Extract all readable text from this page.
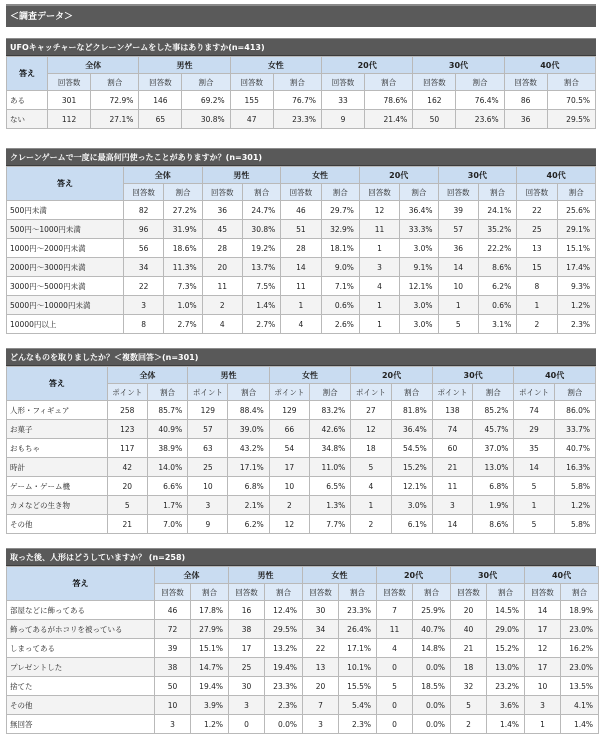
＜調査データ＞
UFOキャッチャーなどクレーンゲームをした事はありますか(n=413)
答え	全体		男性		女性		20代		30代		40代	
	回答数	割合	回答数	割合	回答数	割合	回答数	割合	回答数	割合	回答数	割合
ある	301	72.9%	146	69.2%	155	76.7%	33	78.6%	162	76.4%	86	70.5%
ない	112	27.1%	65	30.8%	47	23.3%	9	21.4%	50	23.6%	36	29.5%
クレーンゲームで一度に最高何円使ったことがありますか？(n=301)
答え	全体		男性		女性		20代		30代		40代	
	回答数	割合	回答数	割合	回答数	割合	回答数	割合	回答数	割合	回答数	割合
500円未満	82	27.2%	36	24.7%	46	29.7%	12	36.4%	39	24.1%	22	25.6%
500円～1000円未満	96	31.9%	45	30.8%	51	32.9%	11	33.3%	57	35.2%	25	29.1%
1000円～2000円未満	56	18.6%	28	19.2%	28	18.1%	1	3.0%	36	22.2%	13	15.1%
2000円～3000円未満	34	11.3%	20	13.7%	14	9.0%	3	9.1%	14	8.6%	15	17.4%
3000円～5000円未満	22	7.3%	11	7.5%	11	7.1%	4	12.1%	10	6.2%	8	9.3%
5000円～10000円未満	3	1.0%	2	1.4%	1	0.6%	1	3.0%	1	0.6%	1	1.2%
10000円以上	8	2.7%	4	2.7%	4	2.6%	1	3.0%	5	3.1%	2	2.3%
どんなものを取りましたか？＜複数回答＞(n=301)
答え	全体		男性		女性		20代		30代		40代	
	ポイント	割合	ポイント	割合	ポイント	割合	ポイント	割合	ポイント	割合	ポイント	割合
人形・フィギュア	258	85.7%	129	88.4%	129	83.2%	27	81.8%	138	85.2%	74	86.0%
お菓子	123	40.9%	57	39.0%	66	42.6%	12	36.4%	74	45.7%	29	33.7%
おもちゃ	117	38.9%	63	43.2%	54	34.8%	18	54.5%	60	37.0%	35	40.7%
時計	42	14.0%	25	17.1%	17	11.0%	5	15.2%	21	13.0%	14	16.3%
ゲーム・ゲーム機	20	6.6%	10	6.8%	10	6.5%	4	12.1%	11	6.8%	5	5.8%
カメなどの生き物	5	1.7%	3	2.1%	2	1.3%	1	3.0%	3	1.9%	1	1.2%
その他	21	7.0%	9	6.2%	12	7.7%	2	6.1%	14	8.6%	5	5.8%
取った後、人形はどうしていますか？ (n=258)
答え	全体		男性		女性		20代		30代		40代	
	回答数	割合	回答数	割合	回答数	割合	回答数	割合	回答数	割合	回答数	割合
部屋などに飾ってある	46	17.8%	16	12.4%	30	23.3%	7	25.9%	20	14.5%	14	18.9%
飾ってあるがホコリを被っている	72	27.9%	38	29.5%	34	26.4%	11	40.7%	40	29.0%	17	23.0%
しまってある	39	15.1%	17	13.2%	22	17.1%	4	14.8%	21	15.2%	12	16.2%
プレゼントした	38	14.7%	25	19.4%	13	10.1%	0	0.0%	18	13.0%	17	23.0%
捨てた	50	19.4%	30	23.3%	20	15.5%	5	18.5%	32	23.2%	10	13.5%
その他	10	3.9%	3	2.3%	7	5.4%	0	0.0%	5	3.6%	3	4.1%
無回答	3	1.2%	0	0.0%	3	2.3%	0	0.0%	2	1.4%	1	1.4%
